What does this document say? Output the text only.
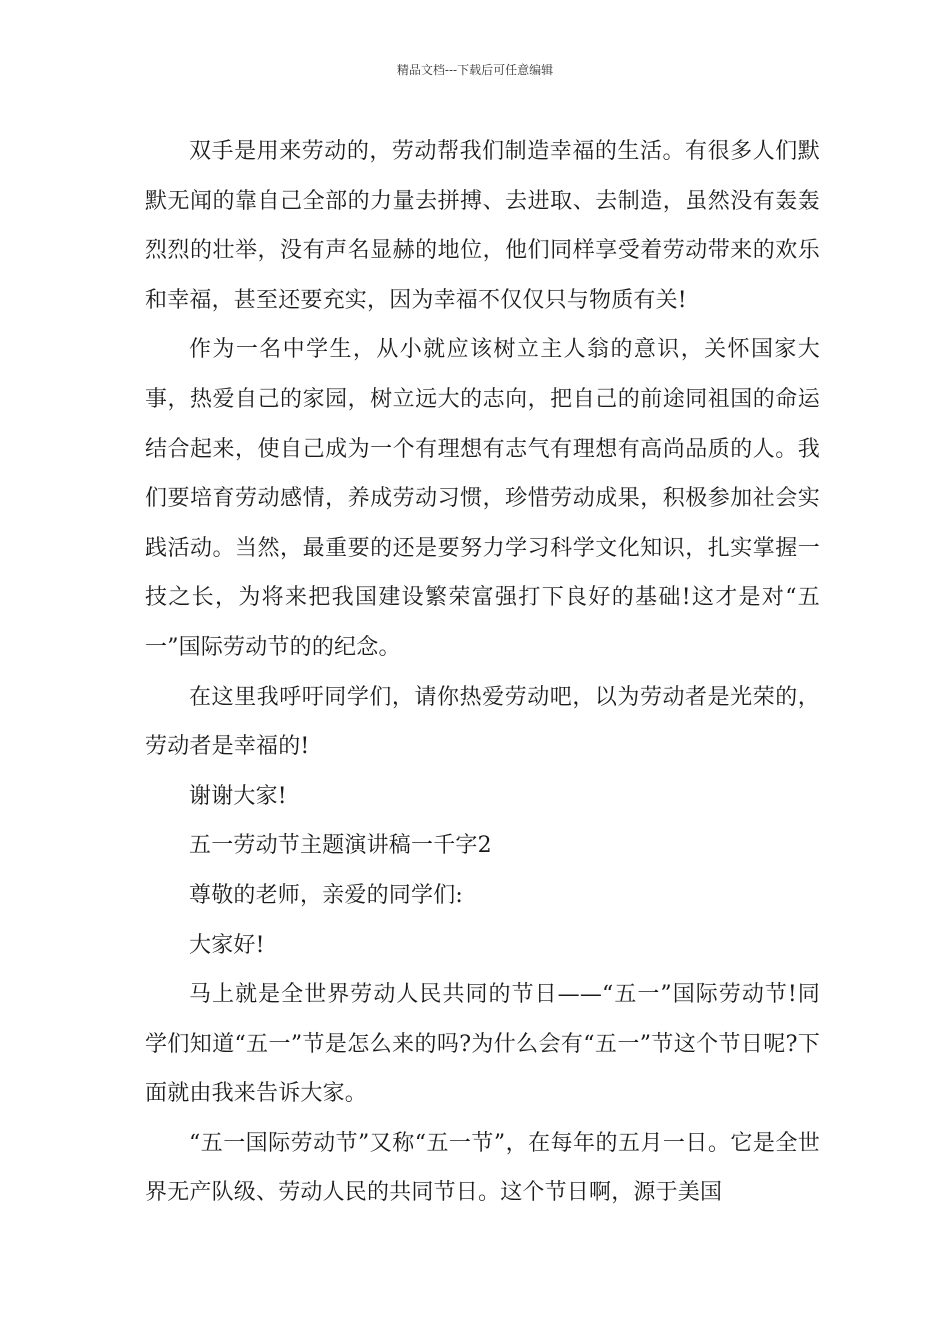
精品文档---下载后可任意编辑

双手是用来劳动的，劳动帮我们制造幸福的生活。有很多人们默默无闻的靠自己全部的力量去拼搏、去进取、去制造，虽然没有轰轰烈烈的壮举，没有声名显赫的地位，他们同样享受着劳动带来的欢乐和幸福，甚至还要充实，因为幸福不仅仅只与物质有关!

作为一名中学生，从小就应该树立主人翁的意识，关怀国家大事，热爱自己的家园，树立远大的志向，把自己的前途同祖国的命运结合起来，使自己成为一个有理想有志气有理想有高尚品质的人。我们要培育劳动感情，养成劳动习惯，珍惜劳动成果，积极参加社会实践活动。当然，最重要的还是要努力学习科学文化知识，扎实掌握一技之长，为将来把我国建设繁荣富强打下良好的基础!这才是对“五一”国际劳动节的的纪念。

在这里我呼吁同学们，请你热爱劳动吧，以为劳动者是光荣的，劳动者是幸福的!

谢谢大家!

五一劳动节主题演讲稿一千字2

尊敬的老师，亲爱的同学们:

大家好!

马上就是全世界劳动人民共同的节日——“五一”国际劳动节!同学们知道“五一”节是怎么来的吗?为什么会有“五一”节这个节日呢?下面就由我来告诉大家。

“五一国际劳动节”又称“五一节”，在每年的五月一日。它是全世界无产队级、劳动人民的共同节日。这个节日啊，源于美国
